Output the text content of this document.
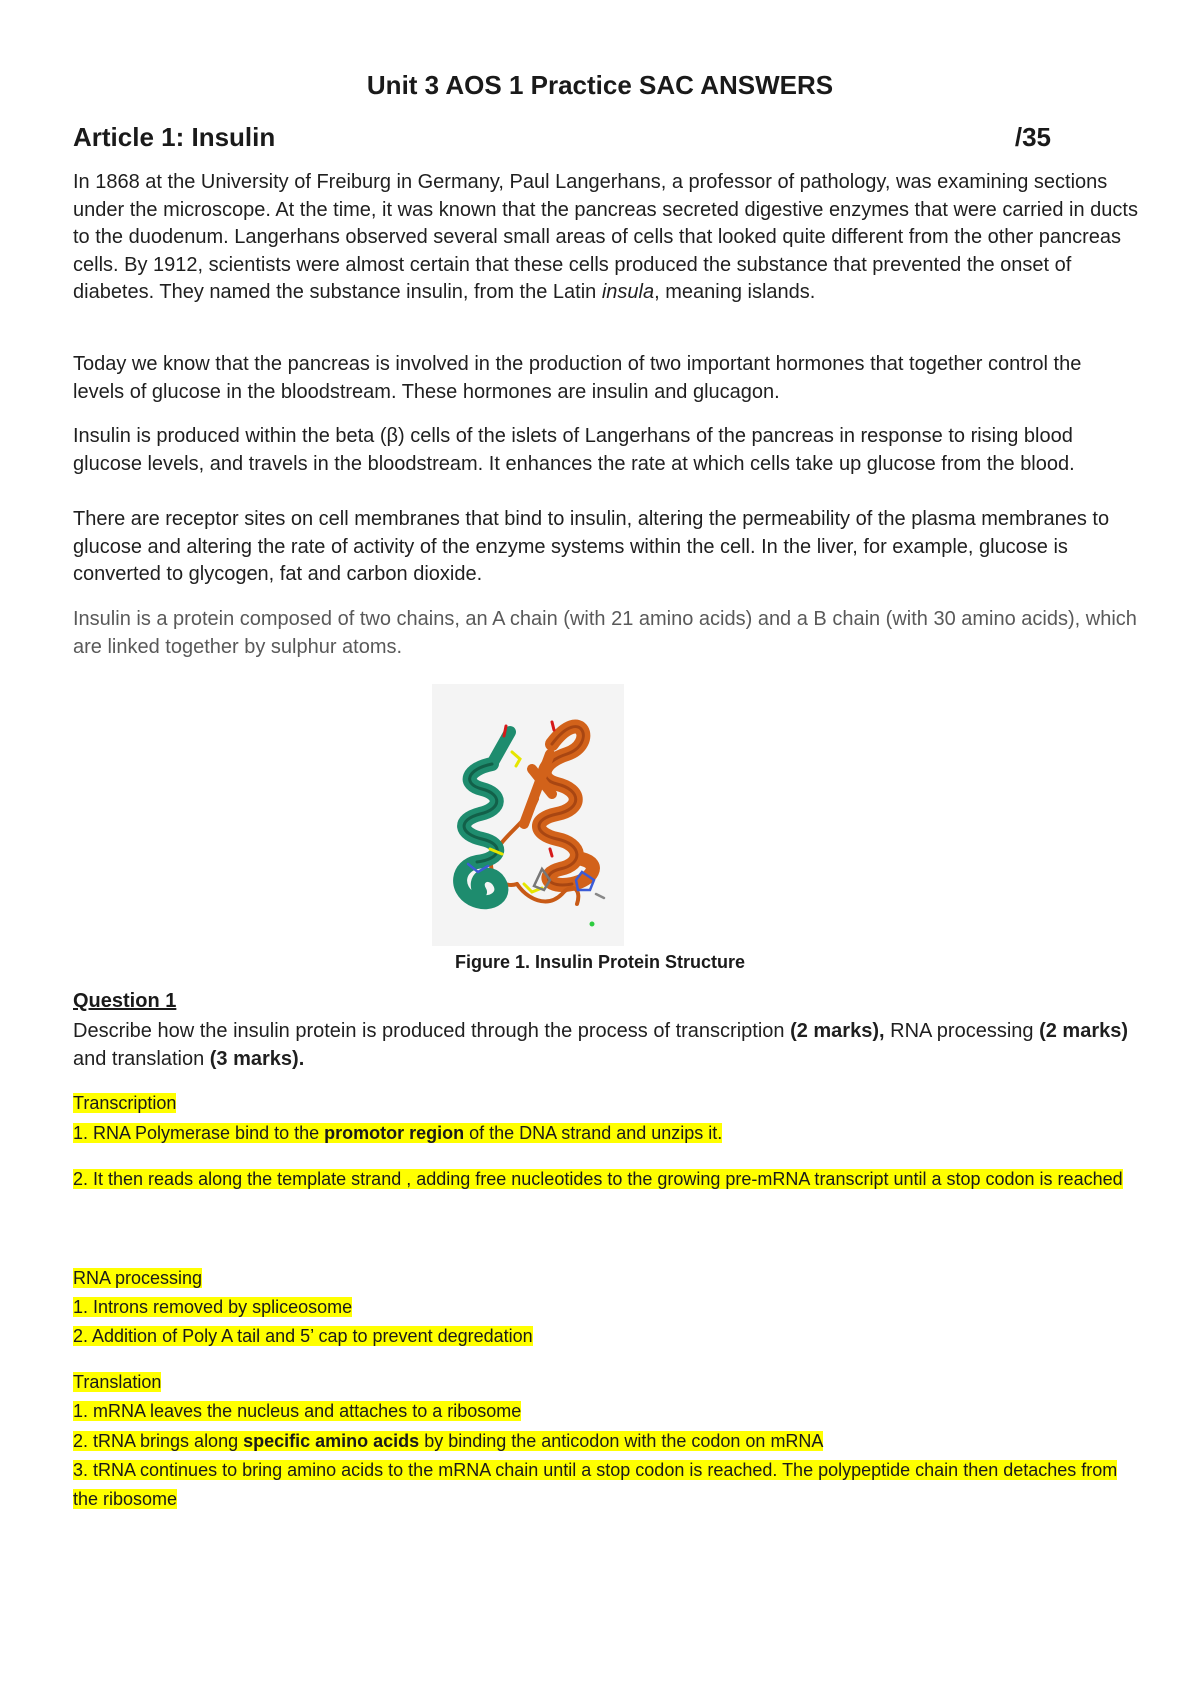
Unit 3 AOS 1 Practice SAC ANSWERS
Article 1: Insulin	/35

In 1868 at the University of Freiburg in Germany, Paul Langerhans, a professor of pathology, was examining sections under the microscope. At the time, it was known that the pancreas secreted digestive enzymes that were carried in ducts to the duodenum. Langerhans observed several small areas of cells that looked quite different from the other pancreas cells. By 1912, scientists were almost certain that these cells produced the substance that prevented the onset of diabetes. They named the substance insulin, from the Latin insula, meaning islands.

Today we know that the pancreas is involved in the production of two important hormones that together control the levels of glucose in the bloodstream. These hormones are insulin and glucagon.

Insulin is produced within the beta (β) cells of the islets of Langerhans of the pancreas in response to rising blood glucose levels, and travels in the bloodstream. It enhances the rate at which cells take up glucose from the blood.

There are receptor sites on cell membranes that bind to insulin, altering the permeability of the plasma membranes to glucose and altering the rate of activity of the enzyme systems within the cell. In the liver, for example, glucose is converted to glycogen, fat and carbon dioxide.

Insulin is a protein composed of two chains, an A chain (with 21 amino acids) and a B chain (with 30 amino acids), which are linked together by sulphur atoms.

Figure 1. Insulin Protein Structure

Question 1

Describe how the insulin protein is produced through the process of transcription (2 marks), RNA processing (2 marks) and translation (3 marks).

Transcription

1. RNA Polymerase bind to the promotor region of the DNA strand and unzips it.

2. It then reads along the template strand , adding free nucleotides to the growing pre-mRNA transcript until a stop codon is reached

RNA processing

1. Introns removed by spliceosome

2. Addition of Poly A tail and 5’ cap to prevent degredation

Translation

1. mRNA leaves the nucleus and attaches to a ribosome

2. tRNA brings along specific amino acids by binding the anticodon with the codon on mRNA

3. tRNA continues to bring amino acids to the mRNA chain until a stop codon is reached. The polypeptide chain then detaches from the ribosome
